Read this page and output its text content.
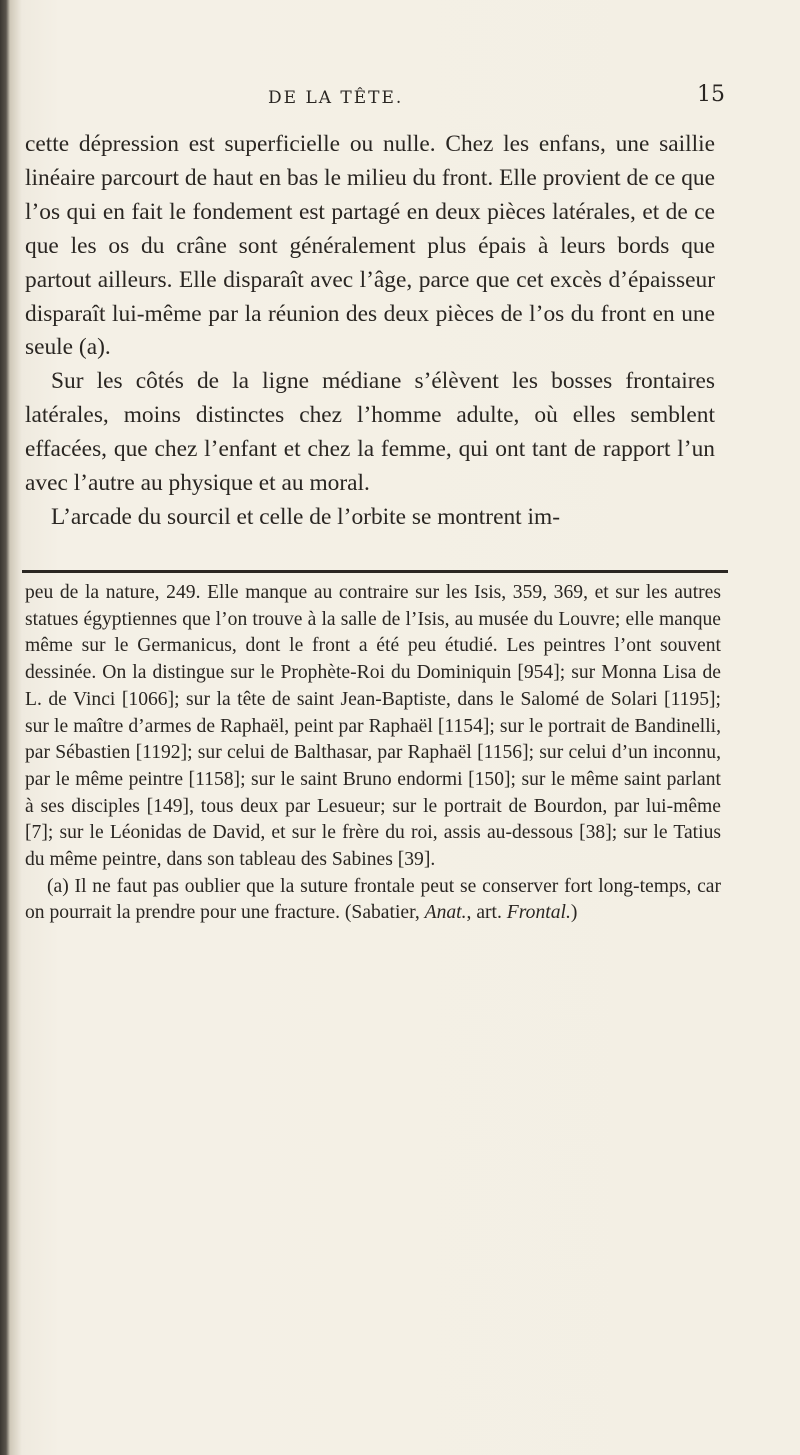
DE LA TÊTE.	15

cette dépression est superficielle ou nulle. Chez les enfans, une saillie linéaire parcourt de haut en bas le milieu du front. Elle provient de ce que l’os qui en fait le fondement est partagé en deux pièces latérales, et de ce que les os du crâne sont généralement plus épais à leurs bords que partout ailleurs. Elle disparaît avec l’âge, parce que cet excès d’épaisseur disparaît lui-même par la réunion des deux pièces de l’os du front en une seule (a).

Sur les côtés de la ligne médiane s’élèvent les bosses frontaires latérales, moins distinctes chez l’homme adulte, où elles semblent effacées, que chez l’enfant et chez la femme, qui ont tant de rapport l’un avec l’autre au physique et au moral.

L’arcade du sourcil et celle de l’orbite se montrent im-

peu de la nature, 249. Elle manque au contraire sur les Isis, 359, 369, et sur les autres statues égyptiennes que l’on trouve à la salle de l’Isis, au musée du Louvre; elle manque même sur le Germanicus, dont le front a été peu étudié. Les peintres l’ont souvent dessinée. On la distingue sur le Prophète-Roi du Dominiquin [954]; sur Monna Lisa de L. de Vinci [1066]; sur la tête de saint Jean-Baptiste, dans le Salomé de Solari [1195]; sur le maître d’armes de Raphaël, peint par Raphaël [1154]; sur le portrait de Bandinelli, par Sébastien [1192]; sur celui de Balthasar, par Raphaël [1156]; sur celui d’un inconnu, par le même peintre [1158]; sur le saint Bruno endormi [150]; sur le même saint parlant à ses disciples [149], tous deux par Lesueur; sur le portrait de Bourdon, par lui-même [7]; sur le Léonidas de David, et sur le frère du roi, assis au-dessous [38]; sur le Tatius du même peintre, dans son tableau des Sabines [39].

(a) Il ne faut pas oublier que la suture frontale peut se conserver fort long-temps, car on pourrait la prendre pour une fracture. (Sabatier, Anat., art. Frontal.)
